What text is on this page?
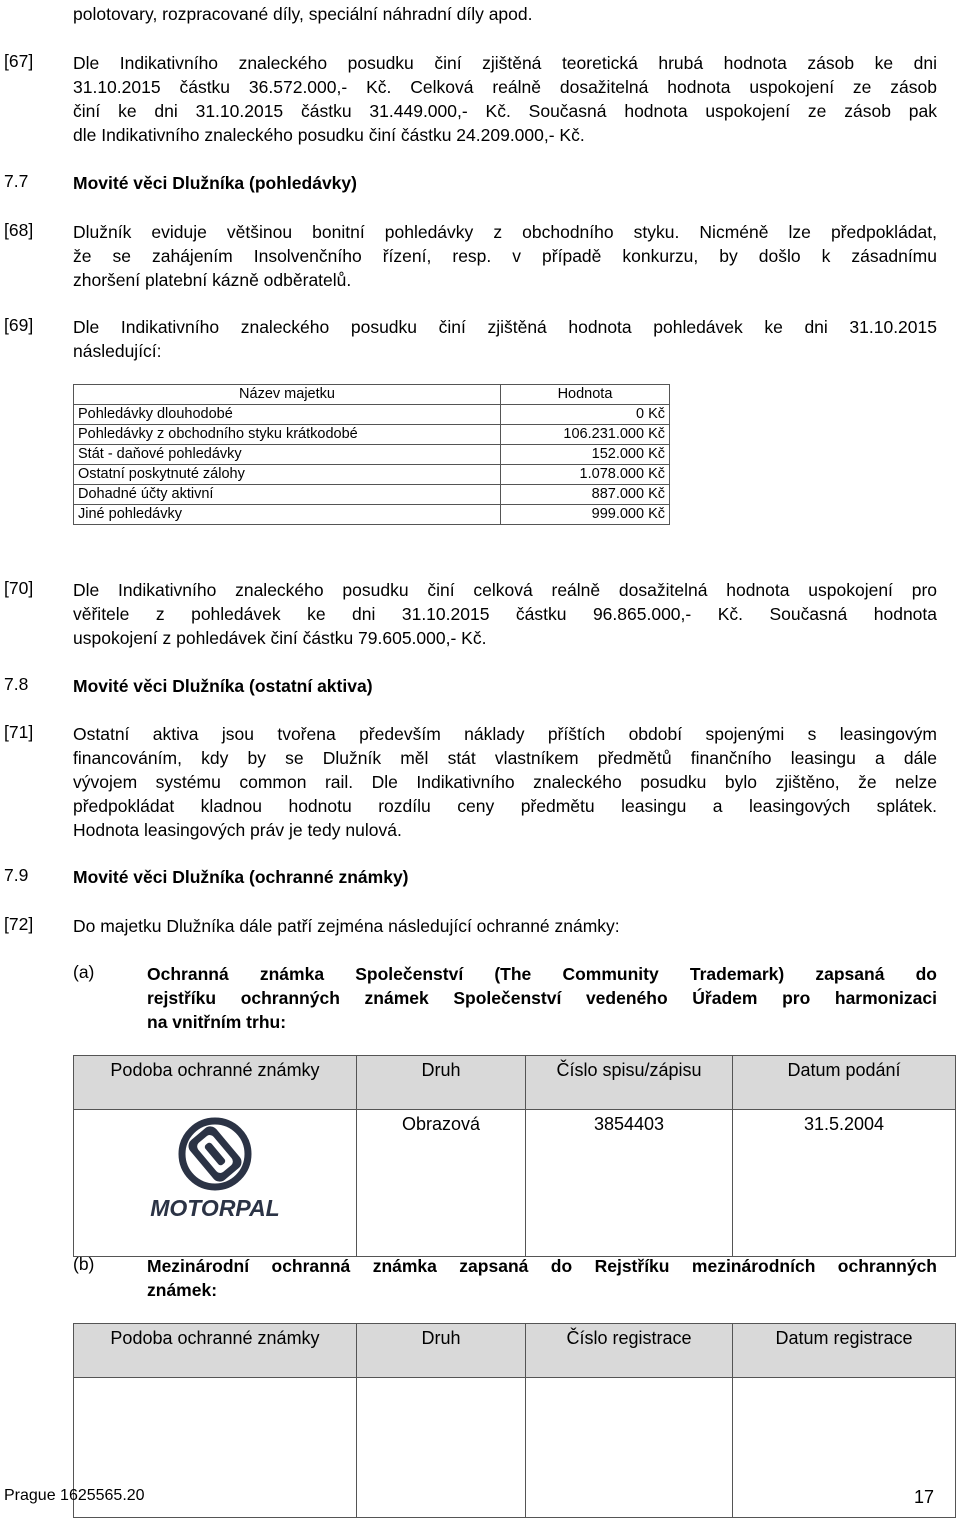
polotovary, rozpracované díly, speciální náhradní díly apod.
[67] Dle Indikativního znaleckého posudku činí zjištěná teoretická hrubá hodnota zásob ke dni
31.10.2015 částku 36.572.000,- Kč. Celková reálně dosažitelná hodnota uspokojení ze zásob
činí ke dni 31.10.2015 částku 31.449.000,- Kč. Současná hodnota uspokojení ze zásob pak
dle Indikativního znaleckého posudku činí částku 24.209.000,- Kč.
7.7	Movité věci Dlužníka (pohledávky)
[68] Dlužník eviduje většinou bonitní pohledávky z obchodního styku. Nicméně lze předpokládat,
že se zahájením Insolvenčního řízení, resp. v případě konkurzu, by došlo k zásadnímu
zhoršení platební kázně odběratelů.
[69] Dle Indikativního znaleckého posudku činí zjištěná hodnota pohledávek ke dni 31.10.2015
následující:
Název majetku	Hodnota
Pohledávky dlouhodobé	0 Kč
Pohledávky z obchodního styku krátkodobé	106.231.000 Kč
Stát - daňové pohledávky	152.000 Kč
Ostatní poskytnuté zálohy	1.078.000 Kč
Dohadné účty aktivní	887.000 Kč
Jiné pohledávky	999.000 Kč
[70] Dle Indikativního znaleckého posudku činí celková reálně dosažitelná hodnota uspokojení pro
věřitele z pohledávek ke dni 31.10.2015 částku 96.865.000,- Kč. Současná hodnota
uspokojení z pohledávek činí částku 79.605.000,- Kč.
7.8	Movité věci Dlužníka (ostatní aktiva)
[71] Ostatní aktiva jsou tvořena především náklady příštích období spojenými s leasingovým
financováním, kdy by se Dlužník měl stát vlastníkem předmětů finančního leasingu a dále
vývojem systému common rail. Dle Indikativního znaleckého posudku bylo zjištěno, že nelze
předpokládat kladnou hodnotu rozdílu ceny předmětu leasingu a leasingových splátek.
Hodnota leasingových práv je tedy nulová.
7.9	Movité věci Dlužníka (ochranné známky)
[72] Do majetku Dlužníka dále patří zejména následující ochranné známky:
(a)	Ochranná známka Společenství (The Community Trademark) zapsaná do
rejstříku ochranných známek Společenství vedeného Úřadem pro harmonizaci
na vnitřním trhu:
Podoba ochranné známky	Druh	Číslo spisu/zápisu	Datum podání

MOTORPAL	Obrazová	3854403	31.5.2004
(b)	Mezinárodní ochranná známka zapsaná do Rejstříku mezinárodních ochranných
známek:
Podoba ochranné známky	Druh	Číslo registrace	Datum registrace

Prague 1625565.20	17
